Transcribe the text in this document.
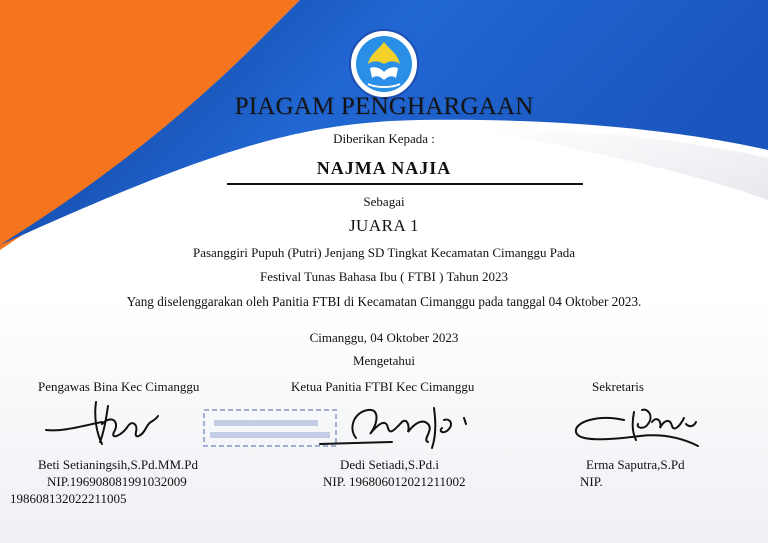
PIAGAM PENGHARGAAN
Diberikan Kepada :
NAJMA NAJIA
Sebagai
JUARA 1
Pasanggiri Pupuh (Putri) Jenjang SD Tingkat Kecamatan Cimanggu Pada
Festival Tunas Bahasa Ibu ( FTBI ) Tahun 2023
Yang diselenggarakan oleh Panitia FTBI di Kecamatan Cimanggu pada tanggal 04 Oktober 2023.
Cimanggu, 04 Oktober 2023
Mengetahui
Pengawas Bina Kec Cimanggu	Ketua Panitia FTBI Kec Cimanggu	Sekretaris
Beti Setianingsih,S.Pd.MM.Pd	Dedi Setiadi,S.Pd.i	Erma Saputra,S.Pd
NIP.196908081991032009	NIP. 196806012021211002	NIP.
198608132022211005
